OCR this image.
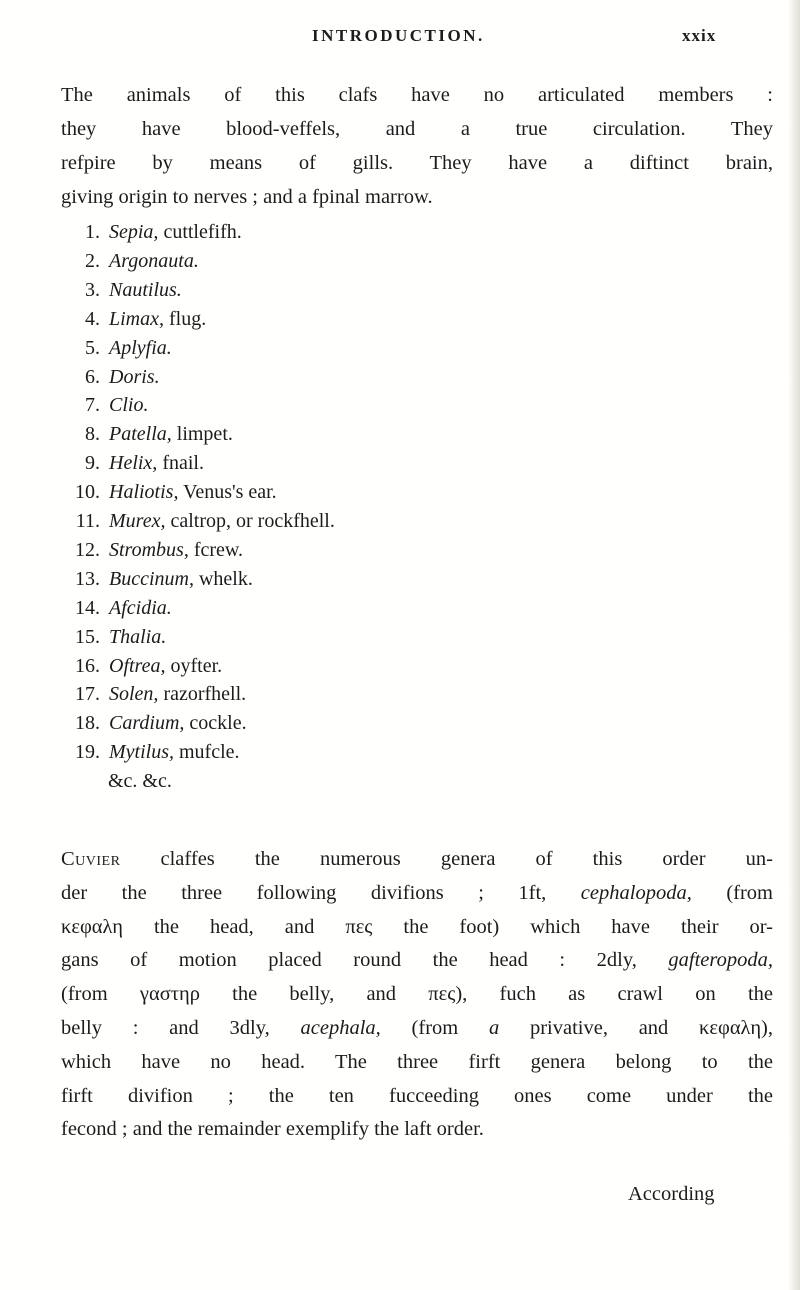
INTRODUCTION.	xxix
The animals of this clafs have no articulated members :
they have blood-veffels, and a true circulation. They
refpire by means of gills. They have a diftinct brain,
giving origin to nerves ; and a fpinal marrow.
1. Sepia, cuttlefifh.
2. Argonauta.
3. Nautilus.
4. Limax, flug.
5. Aplyfia.
6. Doris.
7. Clio.
8. Patella, limpet.
9. Helix, fnail.
10. Haliotis, Venus's ear.
11. Murex, caltrop, or rockfhell.
12. Strombus, fcrew.
13. Buccinum, whelk.
14. Afcidia.
15. Thalia.
16. Oftrea, oyfter.
17. Solen, razorfhell.
18. Cardium, cockle.
19. Mytilus, mufcle.
&c. &c.
Cuvier claffes the numerous genera of this order un-
der the three following divifions ; 1ft, cephalopoda, (from
κεφαλη the head, and πες the foot) which have their or-
gans of motion placed round the head : 2dly, gafteropoda,
(from γαστηρ the belly, and πες), fuch as crawl on the
belly : and 3dly, acephala, (from a privative, and κεφαλη),
which have no head. The three firft genera belong to the
firft divifion ; the ten fucceeding ones come under the
fecond ; and the remainder exemplify the laft order.
According
